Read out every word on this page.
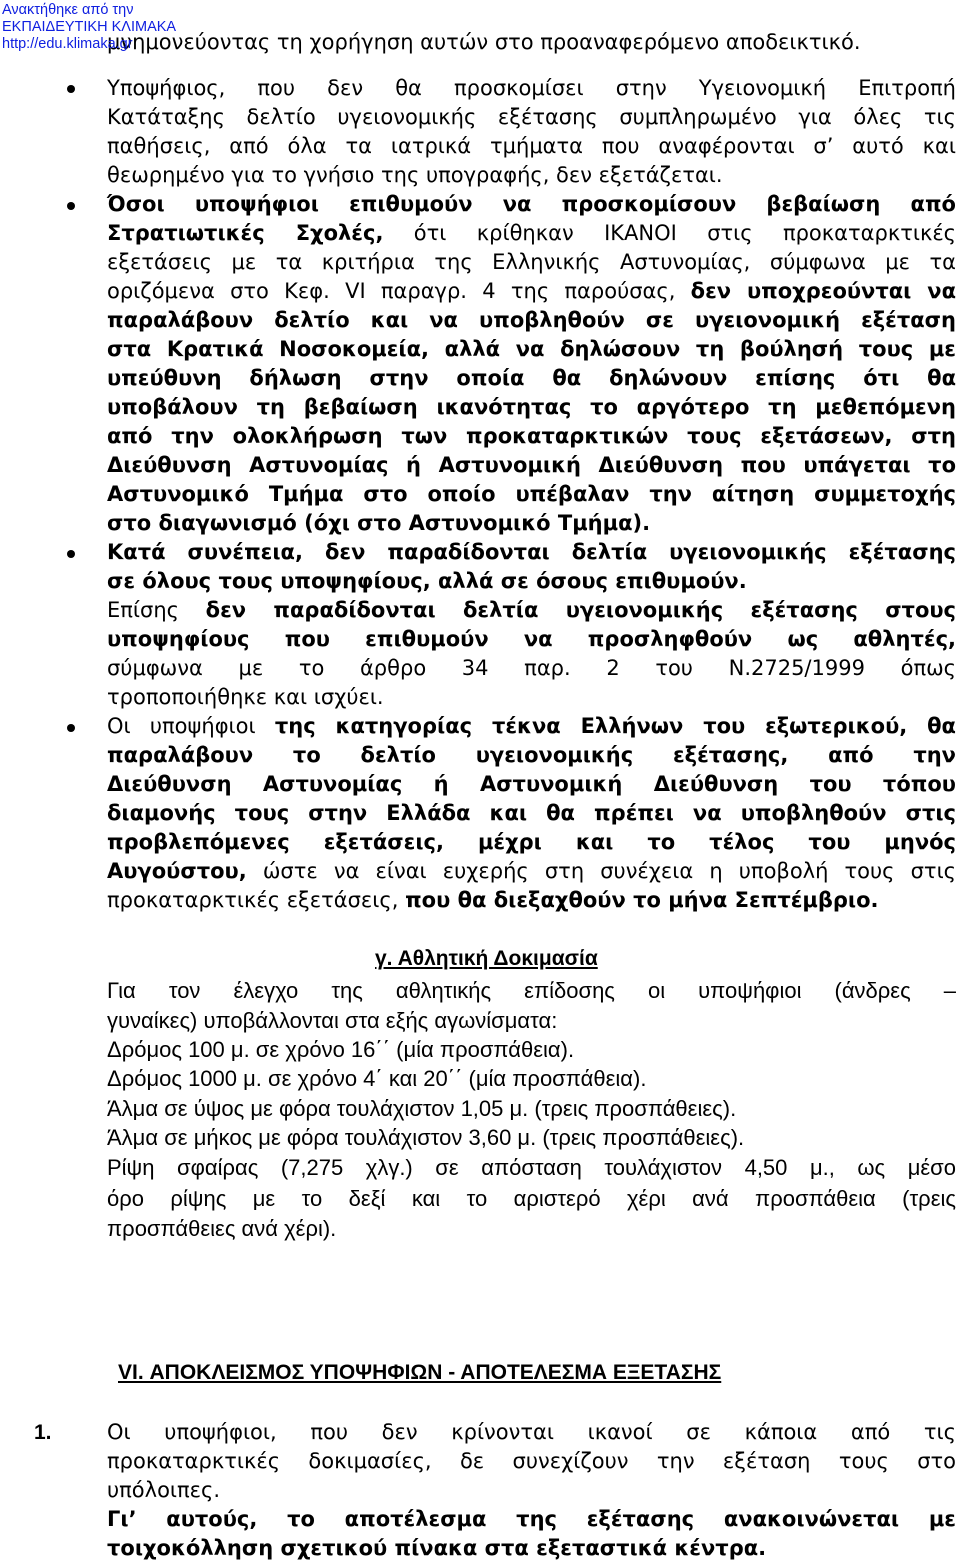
Ανακτήθηκε από την
ΕΚΠΑΙΔΕΥΤΙΚΗ ΚΛΙΜΑΚΑ
http://edu.klimaka.gr
μνημονεύοντας τη χορήγηση αυτών στο προαναφερόμενο αποδεικτικό.
Υποψήφιος, που δεν θα προσκομίσει στην Υγειονομική Επιτροπή
Κατάταξης δελτίο υγειονομικής εξέτασης συμπληρωμένο για όλες τις
παθήσεις, από όλα τα ιατρικά τμήματα που αναφέρονται σ’ αυτό και
θεωρημένο για το γνήσιο της υπογραφής, δεν εξετάζεται.
Όσοι υποψήφιοι επιθυμούν να προσκομίσουν βεβαίωση από
Στρατιωτικές Σχολές, ότι κρίθηκαν ΙΚΑΝΟΙ στις προκαταρκτικές
εξετάσεις με τα κριτήρια της Ελληνικής Αστυνομίας, σύμφωνα με τα
οριζόμενα στο Κεφ. VI παραγρ. 4 της παρούσας, δεν υποχρεούνται να
παραλάβουν δελτίο και να υποβληθούν σε υγειονομική εξέταση
στα Κρατικά Νοσοκομεία, αλλά να δηλώσουν τη βούλησή τους με
υπεύθυνη δήλωση στην οποία θα δηλώνουν επίσης ότι θα
υποβάλουν τη βεβαίωση ικανότητας το αργότερο τη μεθεπόμενη
από την ολοκλήρωση των προκαταρκτικών τους εξετάσεων, στη
Διεύθυνση Αστυνομίας ή Αστυνομική Διεύθυνση που υπάγεται το
Αστυνομικό Τμήμα στο οποίο υπέβαλαν την αίτηση συμμετοχής
στο διαγωνισμό (όχι στο Αστυνομικό Τμήμα).
Κατά συνέπεια, δεν παραδίδονται δελτία υγειονομικής εξέτασης
σε όλους τους υποψηφίους, αλλά σε όσους επιθυμούν.
Επίσης δεν παραδίδονται δελτία υγειονομικής εξέτασης στους
υποψηφίους που επιθυμούν να προσληφθούν ως αθλητές,
σύμφωνα με το άρθρο 34 παρ. 2 του Ν.2725/1999 όπως
τροποποιήθηκε και ισχύει.
Οι υποψήφιοι της κατηγορίας τέκνα Ελλήνων του εξωτερικού, θα
παραλάβουν το δελτίο υγειονομικής εξέτασης, από την
Διεύθυνση Αστυνομίας ή Αστυνομική Διεύθυνση του τόπου
διαμονής τους στην Ελλάδα και θα πρέπει να υποβληθούν στις
προβλεπόμενες εξετάσεις, μέχρι και το τέλος του μηνός
Αυγούστου, ώστε να είναι ευχερής στη συνέχεια η υποβολή τους στις
προκαταρκτικές εξετάσεις, που θα διεξαχθούν το μήνα Σεπτέμβριο.
γ. Αθλητική Δοκιμασία
Για τον έλεγχο της αθλητικής επίδοσης οι υποψήφιοι (άνδρες –
γυναίκες) υποβάλλονται στα εξής αγωνίσματα:
Δρόμος 100 μ. σε χρόνο 16΄΄ (μία προσπάθεια).
Δρόμος 1000 μ. σε χρόνο 4΄ και 20΄΄ (μία προσπάθεια).
Άλμα σε ύψος με φόρα τουλάχιστον 1,05 μ. (τρεις προσπάθειες).
Άλμα σε μήκος με φόρα τουλάχιστον 3,60 μ. (τρεις προσπάθειες).
Ρίψη σφαίρας (7,275 χλγ.) σε απόσταση τουλάχιστον 4,50 μ., ως μέσο
όρο ρίψης με το δεξί και το αριστερό χέρι ανά προσπάθεια (τρεις
προσπάθειες ανά χέρι).
VI. ΑΠΟΚΛΕΙΣΜΟΣ ΥΠΟΨΗΦΙΩΝ - ΑΠΟΤΕΛΕΣΜΑ ΕΞΕΤΑΣΗΣ
1.	Οι υποψήφιοι, που δεν κρίνονται ικανοί σε κάποια από τις
προκαταρκτικές δοκιμασίες, δε συνεχίζουν την εξέταση τους στο
υπόλοιπες.
Γι’ αυτούς, το αποτέλεσμα της εξέτασης ανακοινώνεται με
τοιχοκόλληση σχετικού πίνακα στα εξεταστικά κέντρα.
